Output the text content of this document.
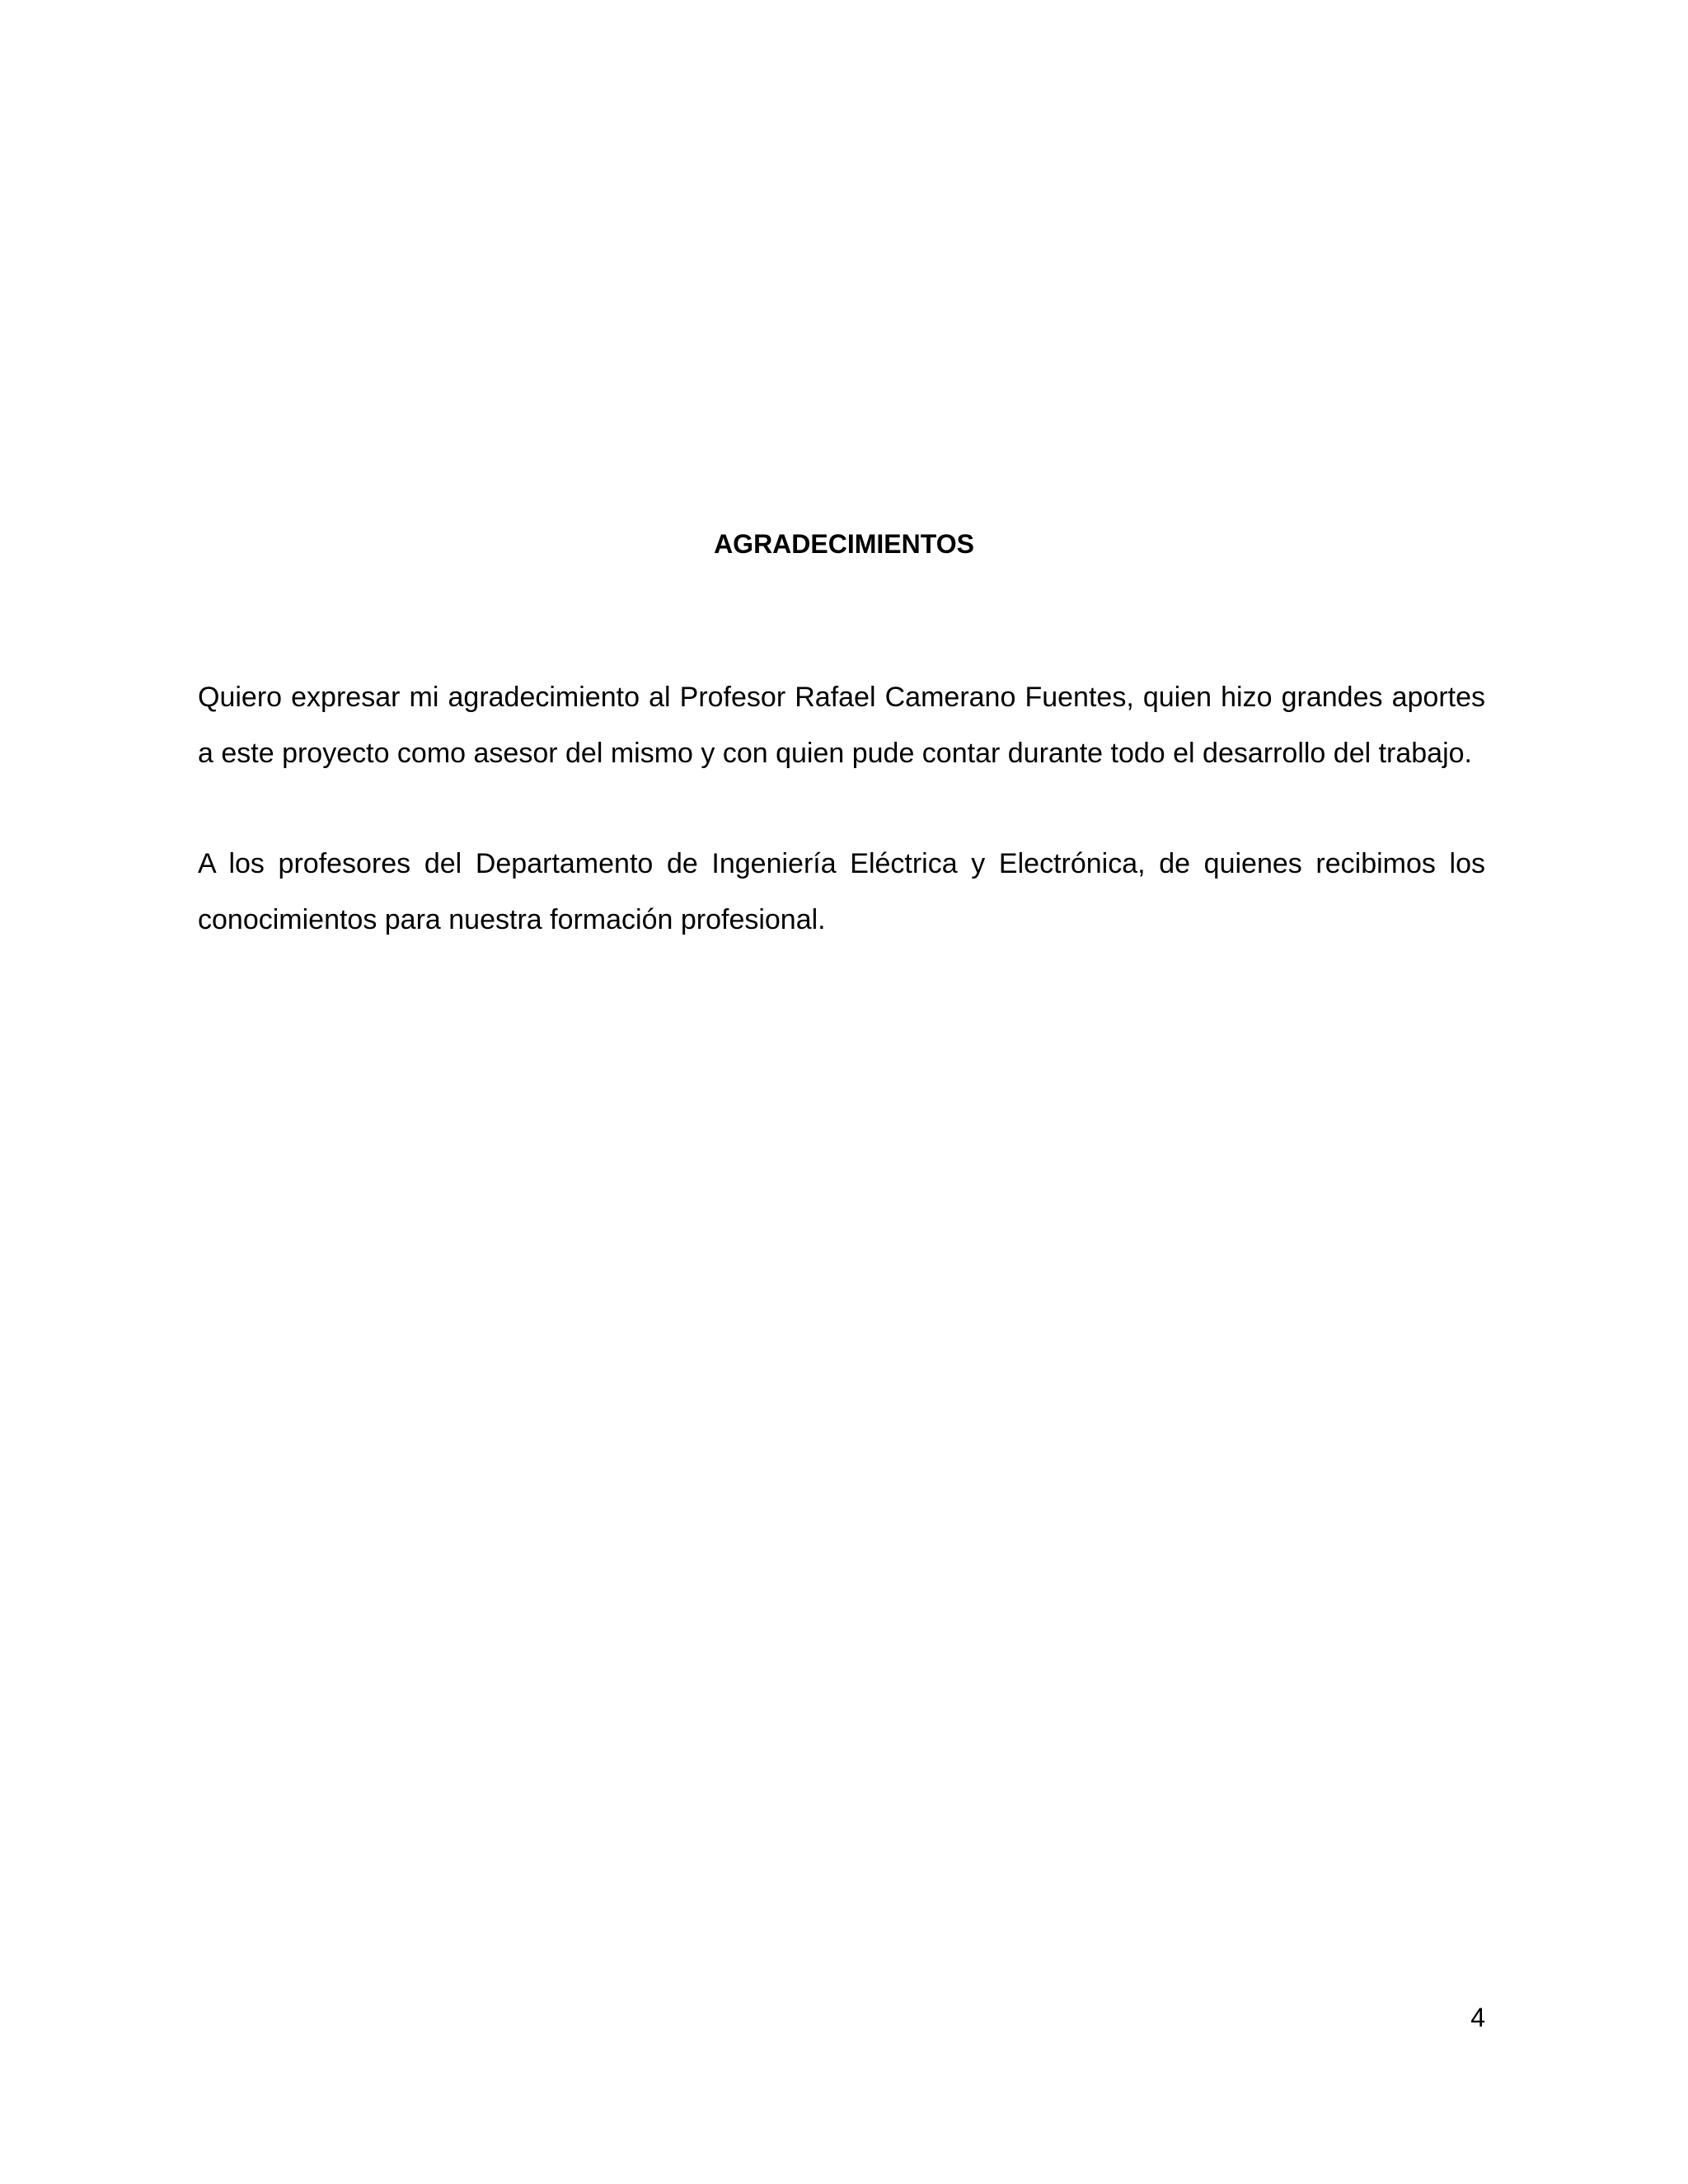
AGRADECIMIENTOS

Quiero expresar mi agradecimiento al Profesor Rafael Camerano Fuentes, quien hizo grandes aportes a este proyecto como asesor del mismo y con quien pude contar durante todo el desarrollo del trabajo.

A los profesores del Departamento de Ingeniería Eléctrica y Electrónica, de quienes recibimos los conocimientos para nuestra formación profesional.

4
